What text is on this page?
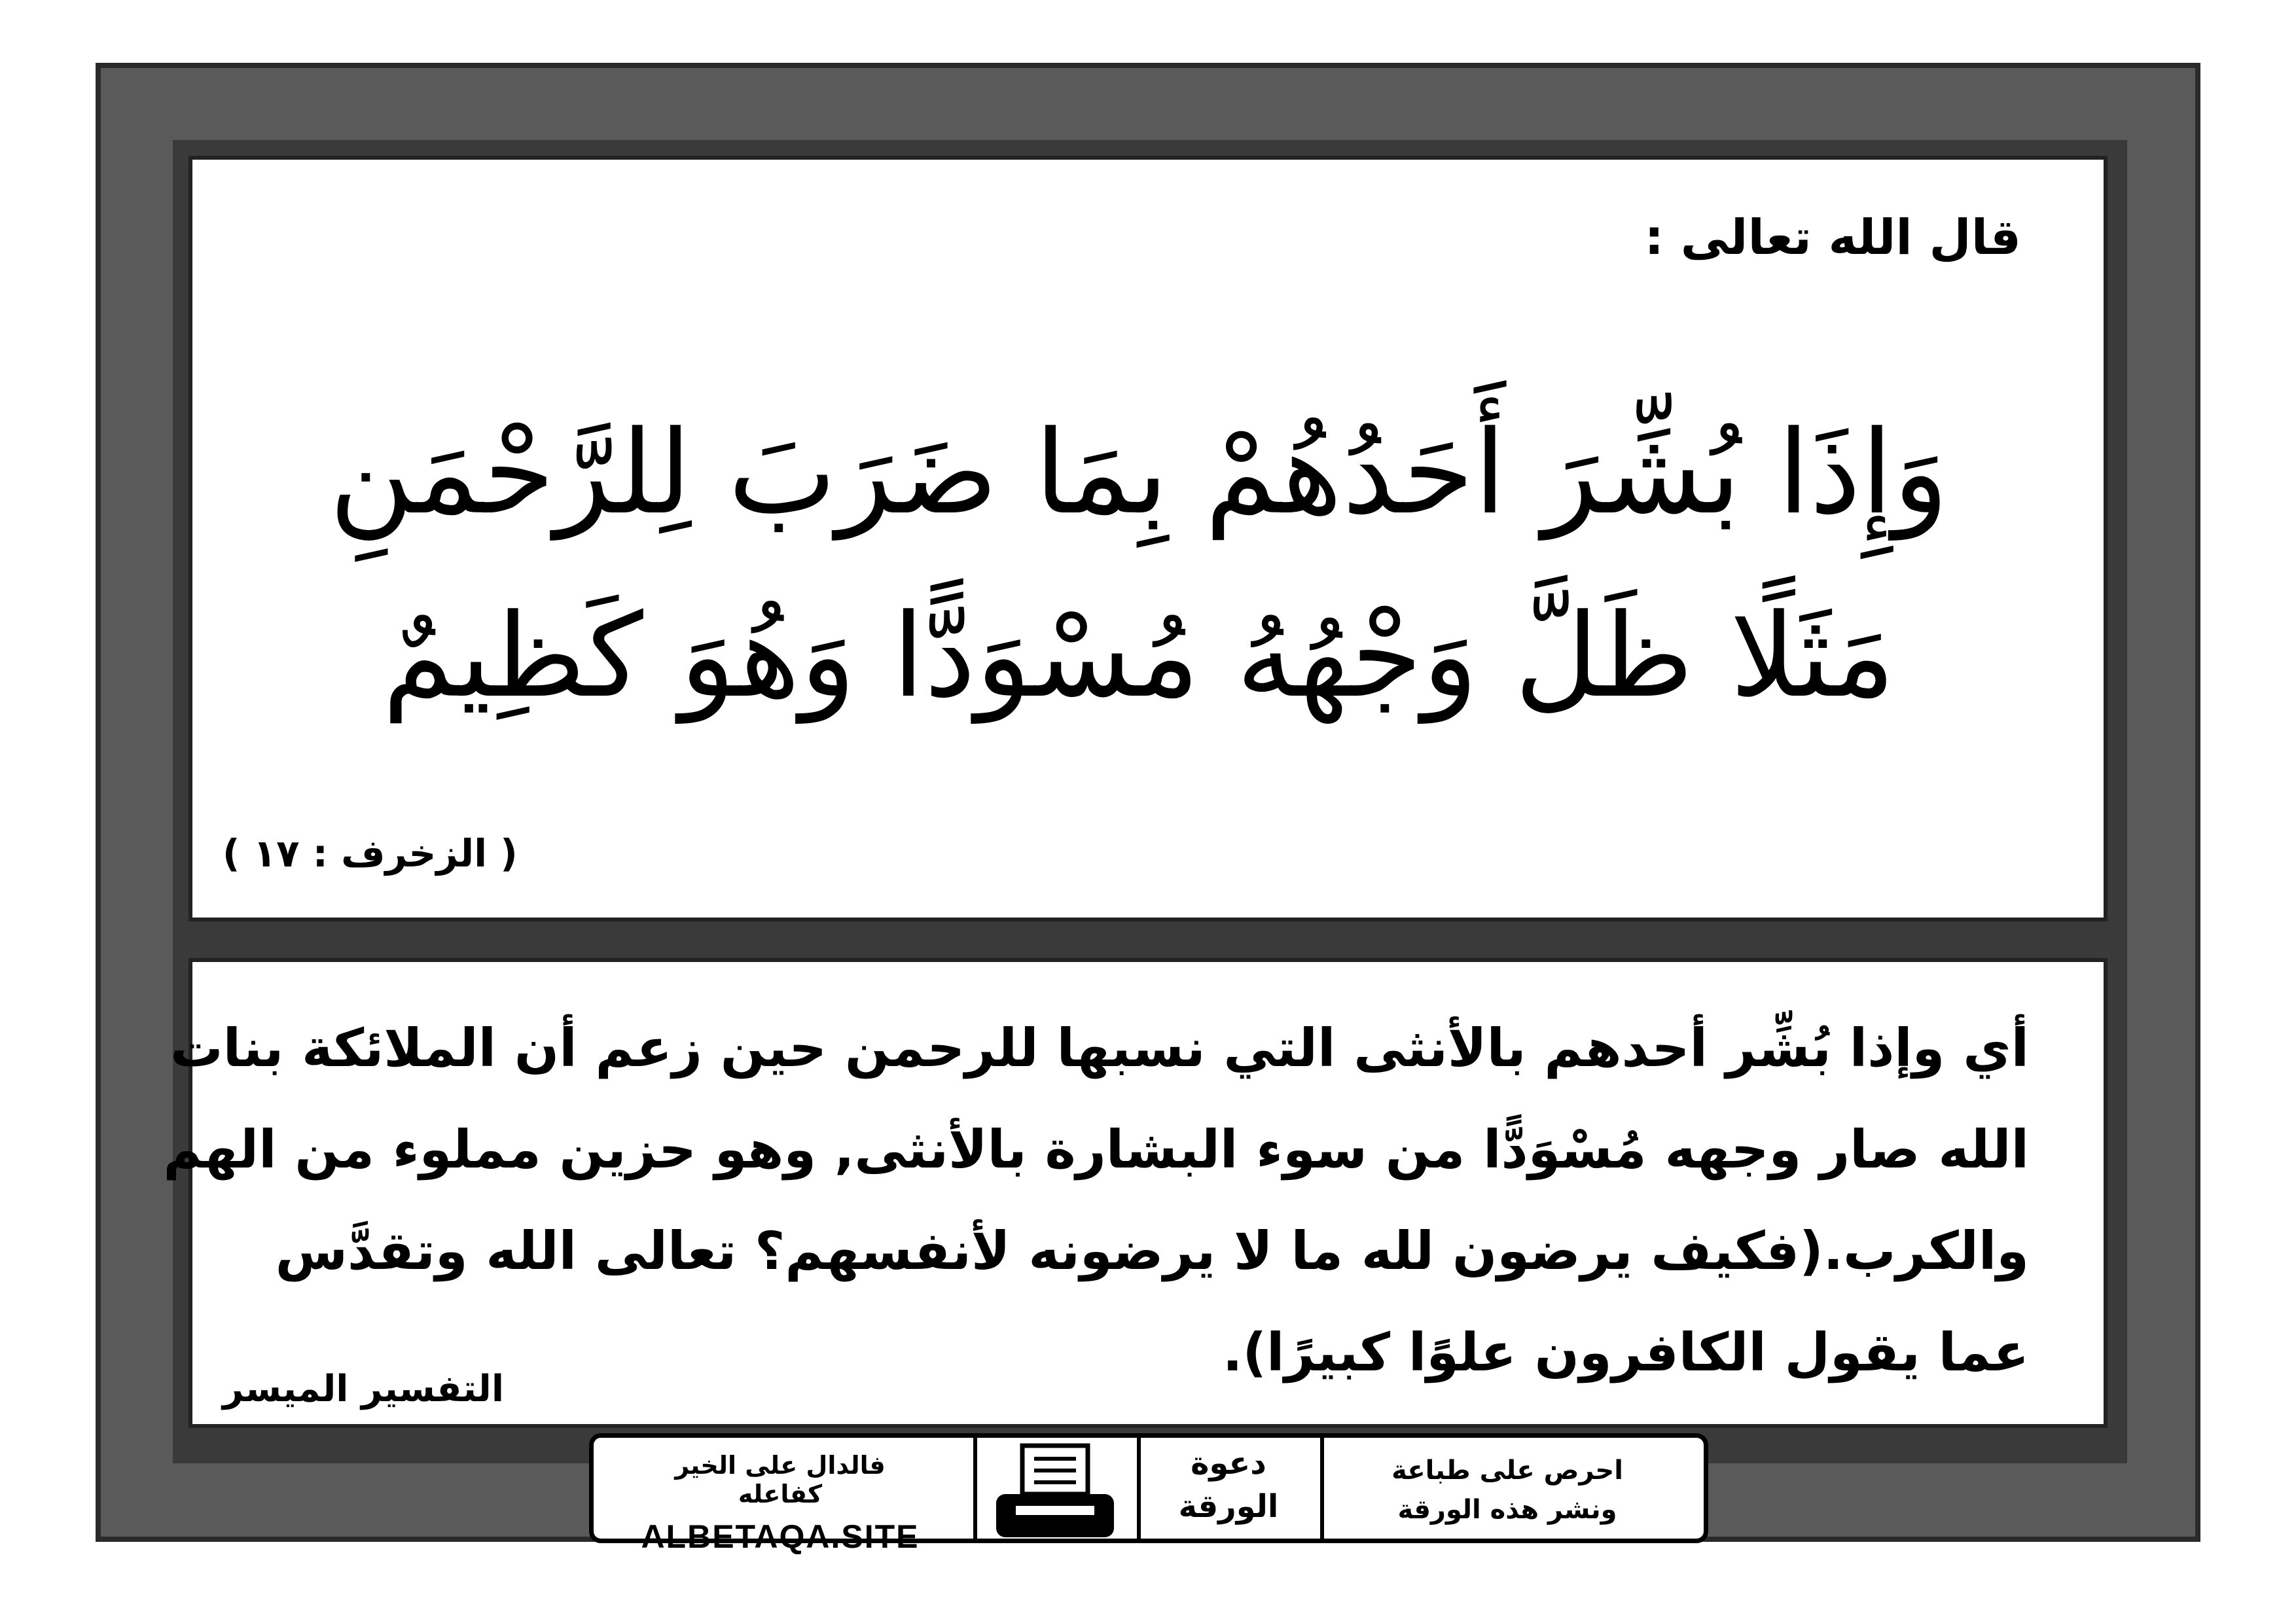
قال الله تعالى :
وَإِذَا بُشِّرَ أَحَدُهُمْ بِمَا ضَرَبَ لِلرَّحْمَنِ
مَثَلًا ظَلَّ وَجْهُهُ مُسْوَدًّا وَهُوَ كَظِيمٌ
( الزخرف : ١٧ )
أي وإذا بُشِّر أحدهم بالأنثى التي نسبها للرحمن حين زعم أن الملائكة بنات
الله صار وجهه مُسْوَدًّا من سوء البشارة بالأنثى, وهو حزين مملوء من الهم
والكرب.(فكيف يرضون لله ما لا يرضونه لأنفسهم؟ تعالى الله وتقدَّس
عما يقول الكافرون علوًا كبيرًا).
التفسير الميسر
فالدال على الخير كفاعله
ALBETAQA.SITE
دعوة
الورقة
احرص على طباعة
ونشر هذه الورقة
